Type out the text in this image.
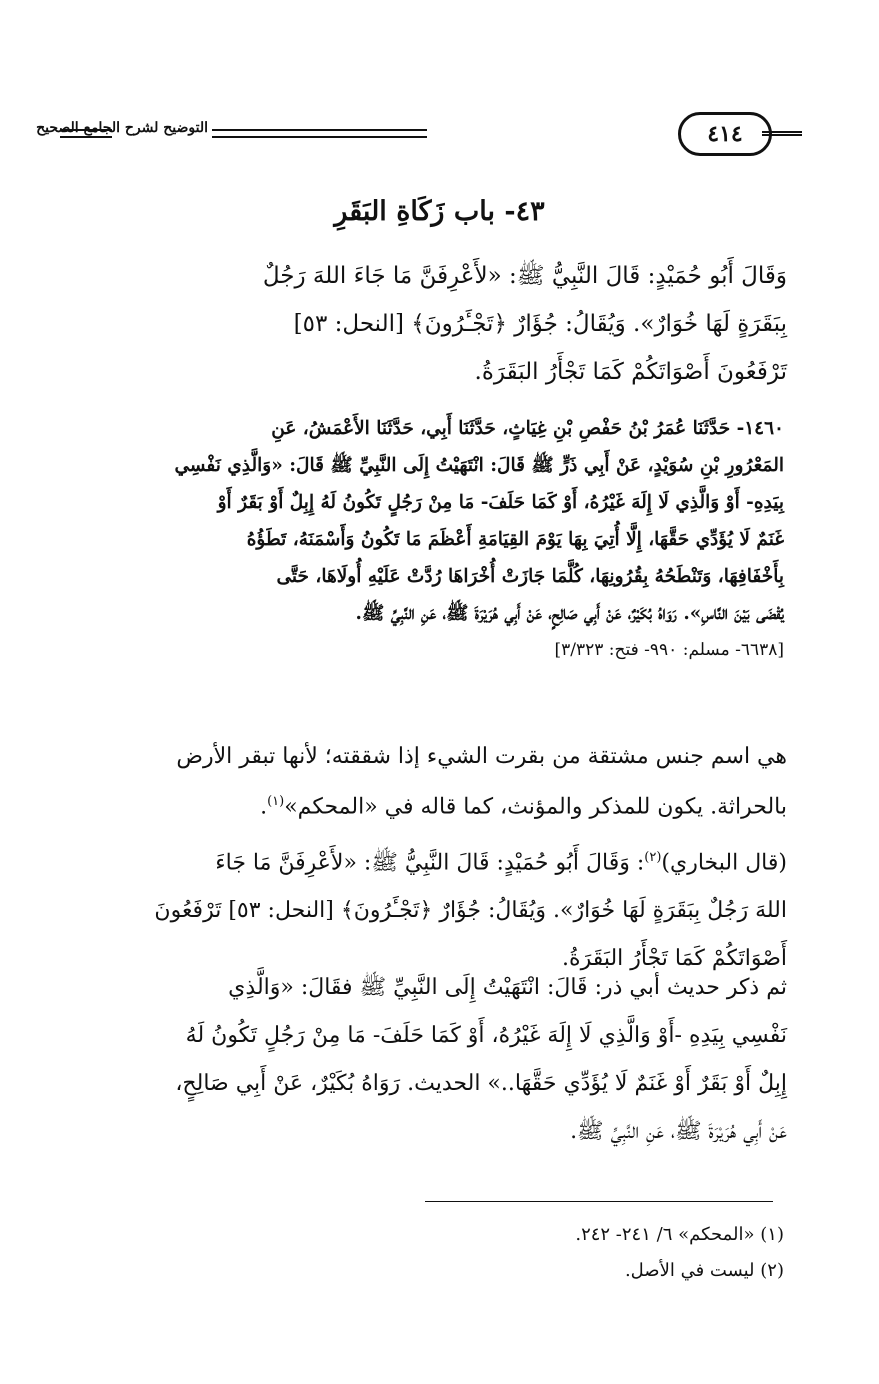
التوضيح لشرح الجامع الصحيح	٤١٤
٤٣- باب زَكَاةِ البَقَرِ
وَقَالَ أَبُو حُمَيْدٍ: قَالَ النَّبِيُّ ﷺ: «لأَعْرِفَنَّ مَا جَاءَ اللهَ رَجُلٌ
بِبَقَرَةٍ لَهَا خُوَارٌ». وَيُقَالُ: جُؤَارٌ ﴿تَجْـَٔرُونَ﴾ [النحل: ٥٣]
تَرْفَعُونَ أَصْوَاتَكُمْ كَمَا تَجْأَرُ البَقَرَةُ.
١٤٦٠- حَدَّثَنَا عُمَرُ بْنُ حَفْصِ بْنِ غِيَاثٍ، حَدَّثَنَا أَبِي، حَدَّثَنَا الأَعْمَشُ، عَنِ
المَعْرُورِ بْنِ سُوَيْدٍ، عَنْ أَبِي ذَرٍّ ﷺ قَالَ: انْتَهَيْتُ إِلَى النَّبِيِّ ﷺ قَالَ: «وَالَّذِي نَفْسِي
بِيَدِهِ- أَوْ وَالَّذِي لَا إِلَهَ غَيْرُهُ، أَوْ كَمَا حَلَفَ- مَا مِنْ رَجُلٍ تَكُونُ لَهُ إِبِلٌ أَوْ بَقَرٌ أَوْ
غَنَمٌ لَا يُؤَدِّي حَقَّهَا، إِلَّا أُتِيَ بِهَا يَوْمَ القِيَامَةِ أَعْظَمَ مَا تَكُونُ وَأَسْمَنَهُ، تَطَؤُهُ
بِأَخْفَافِهَا، وَتَنْطَحُهُ بِقُرُونِهَا، كُلَّمَا جَازَتْ أُخْرَاهَا رُدَّتْ عَلَيْهِ أُولَاهَا، حَتَّى
يُقْضَى بَيْنَ النَّاسِ». رَوَاهُ بُكَيْرٌ، عَنْ أَبِي صَالِحٍ، عَنْ أَبِي هُرَيْرَةَ ﷺ، عَنِ النَّبِيِّ ﷺ.
[٦٦٣٨- مسلم: ٩٩٠- فتح: ٣/٣٢٣]
هي اسم جنس مشتقة من بقرت الشيء إذا شققته؛ لأنها تبقر الأرض
بالحراثة. يكون للمذكر والمؤنث، كما قاله في «المحكم»$^{(١)}$.
(قال البخاري)$^{(٢)}$: وَقَالَ أَبُو حُمَيْدٍ: قَالَ النَّبِيُّ ﷺ: «لأَعْرِفَنَّ مَا جَاءَ
اللهَ رَجُلٌ بِبَقَرَةٍ لَهَا خُوَارٌ». وَيُقَالُ: جُؤَارٌ ﴿تَجْـَٔرُونَ﴾ [النحل: ٥٣] تَرْفَعُونَ
أَصْوَاتَكُمْ كَمَا تَجْأَرُ البَقَرَةُ.
ثم ذكر حديث أبي ذر: قَالَ: انْتَهَيْتُ إِلَى النَّبِيِّ ﷺ فقَالَ: «وَالَّذِي
نَفْسِي بِيَدِهِ -أَوْ وَالَّذِي لَا إِلَهَ غَيْرُهُ، أَوْ كَمَا حَلَفَ- مَا مِنْ رَجُلٍ تَكُونُ لَهُ
إِبِلٌ أَوْ بَقَرٌ أَوْ غَنَمٌ لَا يُؤَدِّي حَقَّهَا..» الحديث. رَوَاهُ بُكَيْرٌ، عَنْ أَبِي صَالِحٍ،
عَنْ أَبِي هُرَيْرَةَ ﷺ، عَنِ النَّبِيِّ ﷺ.
(١) «المحكم» ٦/ ٢٤١- ٢٤٢.
(٢) ليست في الأصل.
